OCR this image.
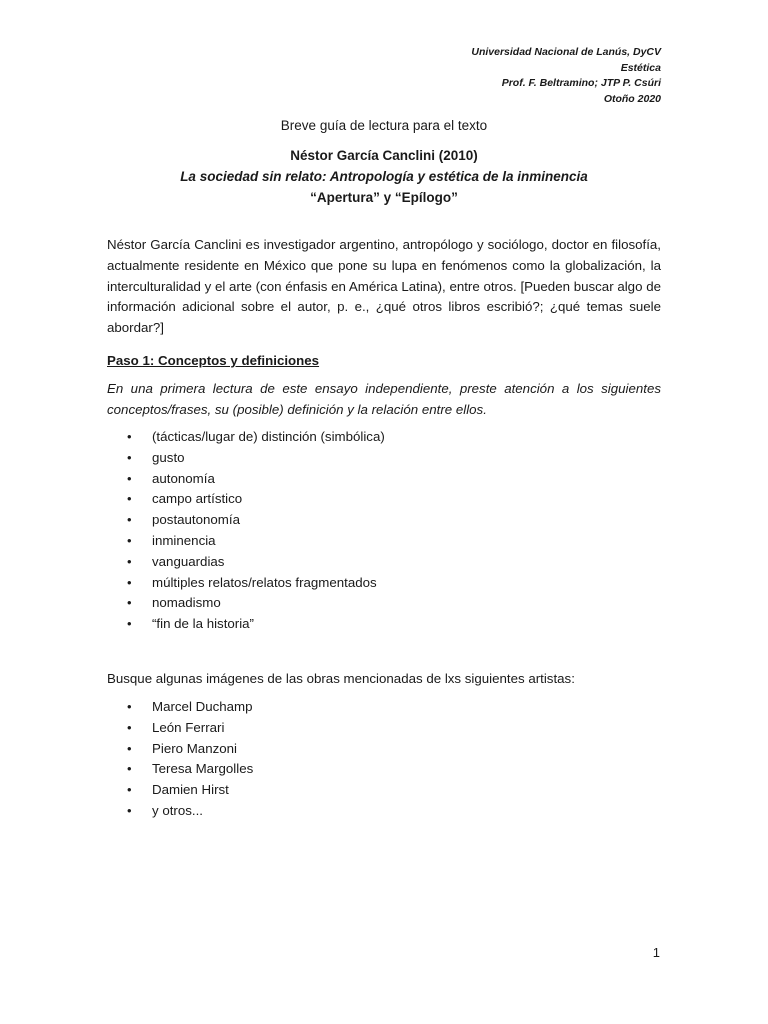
Universidad Nacional de Lanús, DyCV
Estética
Prof. F. Beltramino; JTP P. Csúri
Otoño 2020
Breve guía de lectura para el texto
Néstor García Canclini (2010)
La sociedad sin relato: Antropología y estética de la inminencia
“Apertura” y “Epílogo”
Néstor García Canclini es investigador argentino, antropólogo y sociólogo, doctor en filosofía, actualmente residente en México que pone su lupa en fenómenos como la globalización, la interculturalidad y el arte (con énfasis en América Latina), entre otros. [Pueden buscar algo de información adicional sobre el autor, p. e., ¿qué otros libros escribió?; ¿qué temas suele abordar?]
Paso 1: Conceptos y definiciones
En una primera lectura de este ensayo independiente, preste atención a los siguientes conceptos/frases, su (posible) definición y la relación entre ellos.
• (tácticas/lugar de) distinción (simbólica)
• gusto
• autonomía
• campo artístico
• postautonomía
• inminencia
• vanguardias
• múltiples relatos/relatos fragmentados
• nomadismo
• “fin de la historia”
Busque algunas imágenes de las obras mencionadas de lxs siguientes artistas:
• Marcel Duchamp
• León Ferrari
• Piero Manzoni
• Teresa Margolles
• Damien Hirst
• y otros...
1
